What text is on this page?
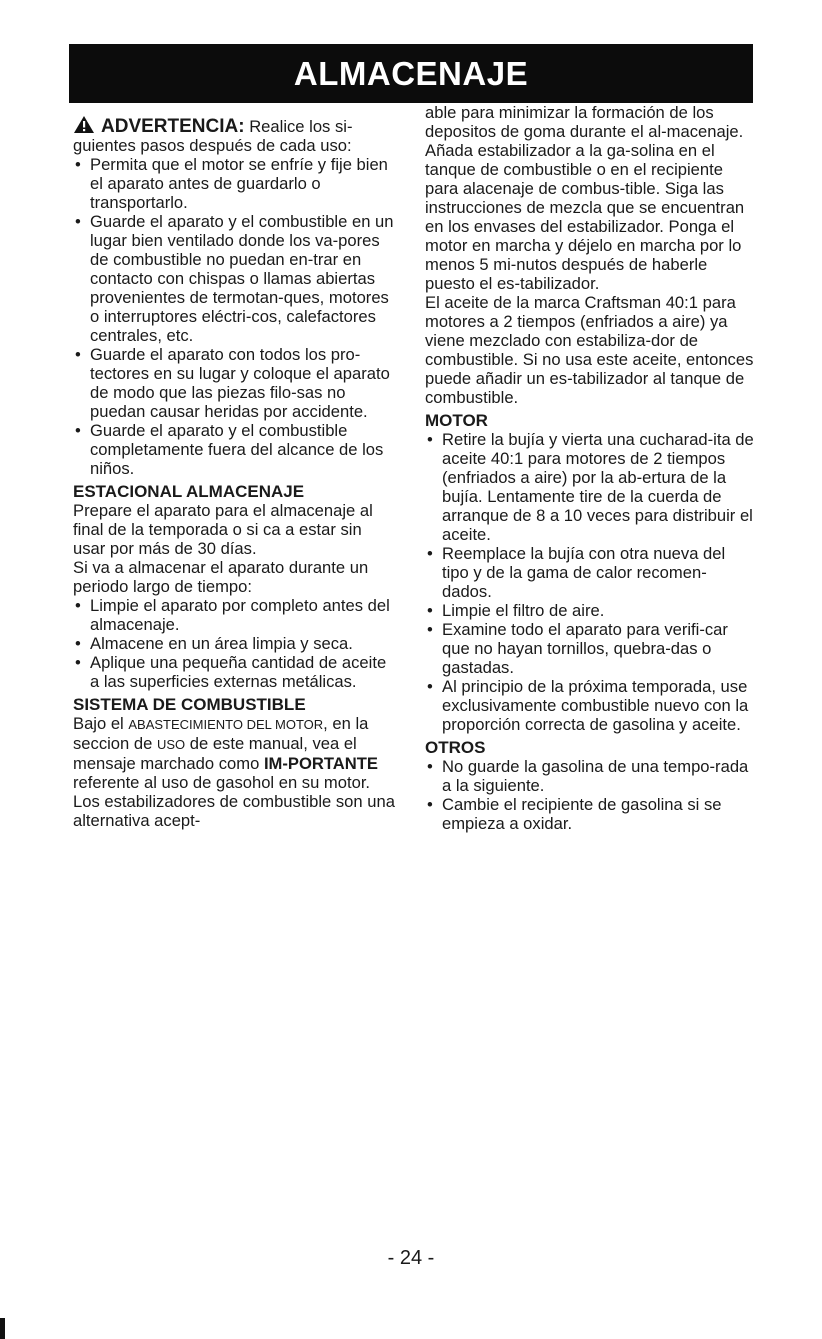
ALMACENAJE

ADVERTENCIA: Realice los si-guientes pasos después de cada uso:

• Permita que el motor se enfríe y fije bien el aparato antes de guardarlo o transportarlo.
• Guarde el aparato y el combustible en un lugar bien ventilado donde los va-pores de combustible no puedan en-trar en contacto con chispas o llamas abiertas provenientes de termotan-ques, motores o interruptores eléctri-cos, calefactores centrales, etc.
• Guarde el aparato con todos los pro-tectores en su lugar y coloque el aparato de modo que las piezas filo-sas no puedan causar heridas por accidente.
• Guarde el aparato y el combustible completamente fuera del alcance de los niños.

ESTACIONAL ALMACENAJE

Prepare el aparato para el almacenaje al final de la temporada o si ca a estar sin usar por más de 30 días.

Si va a almacenar el aparato durante un periodo largo de tiempo:

• Limpie el aparato por completo antes del almacenaje.
• Almacene en un área limpia y seca.
• Aplique una pequeña cantidad de aceite a las superficies externas metálicas.

SISTEMA DE COMBUSTIBLE

Bajo el ABASTECIMIENTO DEL MOTOR, en la seccion de USO de este manual, vea el mensaje marchado como IM-PORTANTE referente al uso de gasohol en su motor. Los estabilizadores de combustible son una alternativa acept-

able para minimizar la formación de los depositos de goma durante el al-macenaje. Añada estabilizador a la ga-solina en el tanque de combustible o en el recipiente para alacenaje de combus-tible. Siga las instrucciones de mezcla que se encuentran en los envases del estabilizador. Ponga el motor en marcha y déjelo en marcha por lo menos 5 mi-nutos después de haberle puesto el es-tabilizador.

El aceite de la marca Craftsman 40:1 para motores a 2 tiempos (enfriados a aire) ya viene mezclado con estabiliza-dor de combustible. Si no usa este aceite, entonces puede añadir un es-tabilizador al tanque de combustible.

MOTOR

• Retire la bujía y vierta una cucharad-ita de aceite 40:1 para motores de 2 tiempos (enfriados a aire) por la ab-ertura de la bujía. Lentamente tire de la cuerda de arranque de 8 a 10 veces para distribuir el aceite.
• Reemplace la bujía con otra nueva del tipo y de la gama de calor recomen-dados.
• Limpie el filtro de aire.
• Examine todo el aparato para verifi-car que no hayan tornillos, quebra-das o gastadas.
• Al principio de la próxima temporada, use exclusivamente combustible nuevo con la proporción correcta de gasolina y aceite.

OTROS

• No guarde la gasolina de una tempo-rada a la siguiente.
• Cambie el recipiente de gasolina si se empieza a oxidar.
- 24 -
